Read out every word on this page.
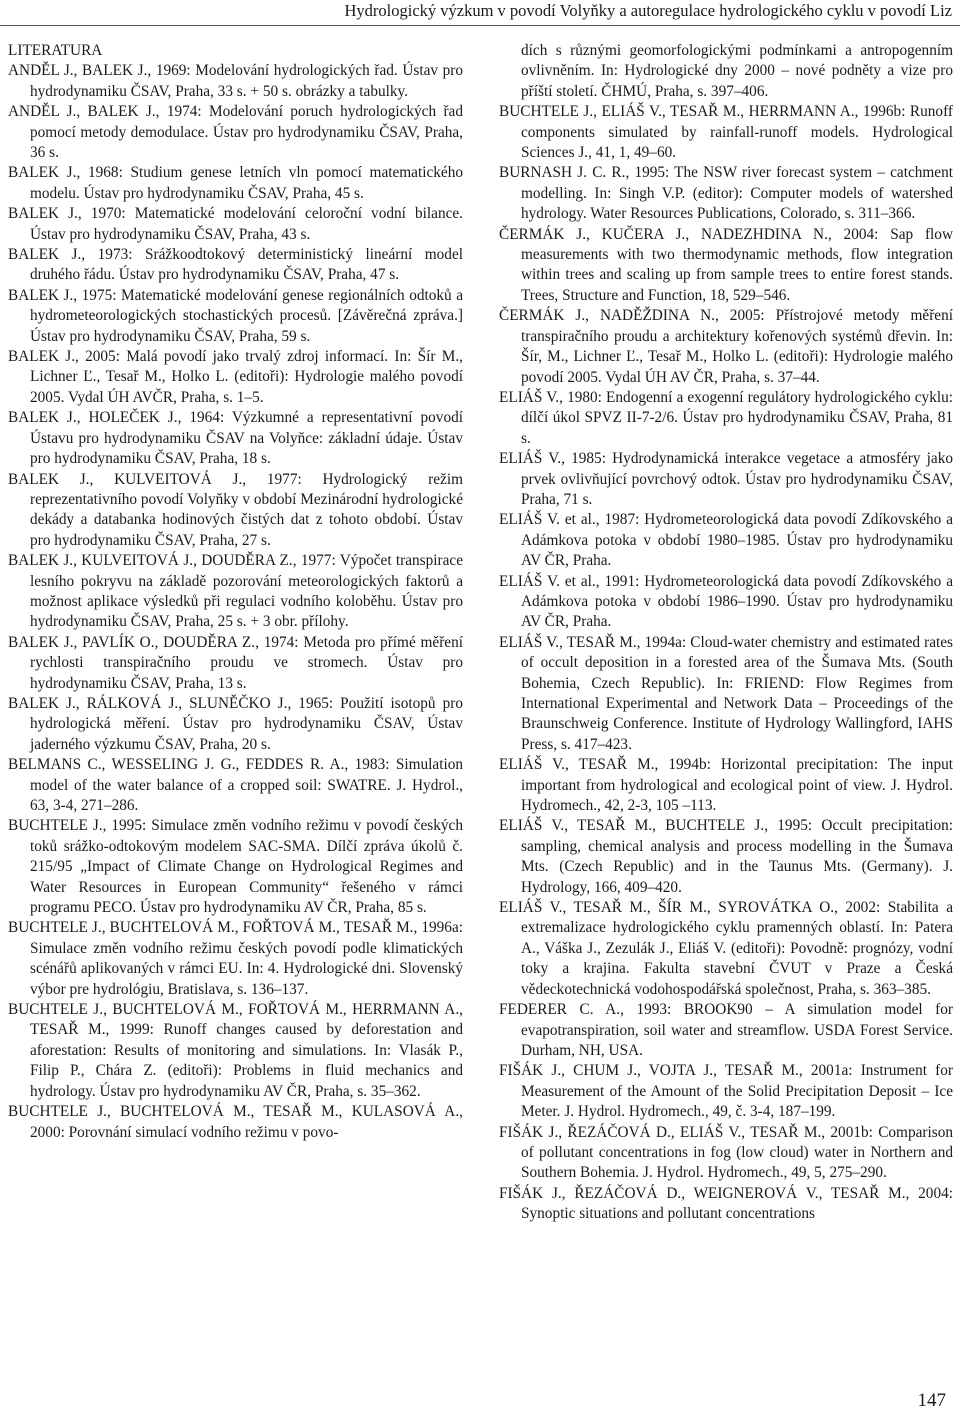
Hydrologický výzkum v povodí Volyňky a autoregulace hydrologického cyklu v povodí Liz

LITERATURA

ANDĚL J., BALEK J., 1969: Modelování hydrologických řad. Ústav pro hydrodynamiku ČSAV, Praha, 33 s. + 50 s. obrázky a tabulky.

ANDĚL J., BALEK J., 1974: Modelování poruch hydrologických řad pomocí metody demodulace. Ústav pro hydrodynamiku ČSAV, Praha, 36 s.

BALEK J., 1968: Studium genese letních vln pomocí matematického modelu. Ústav pro hydrodynamiku ČSAV, Praha, 45 s.

BALEK J., 1970: Matematické modelování celoroční vodní bilance. Ústav pro hydrodynamiku ČSAV, Praha, 43 s.

BALEK J., 1973: Srážkoodtokový deterministický lineární model druhého řádu. Ústav pro hydrodynamiku ČSAV, Praha, 47 s.

BALEK J., 1975: Matematické modelování genese regionálních odtoků a hydrometeorologických stochastických procesů. [Závěrečná zpráva.] Ústav pro hydrodynamiku ČSAV, Praha, 59 s.

BALEK J., 2005: Malá povodí jako trvalý zdroj informací. In: Šír M., Lichner Ľ., Tesař M., Holko L. (editoři): Hydrologie malého povodí 2005. Vydal ÚH AVČR, Praha, s. 1–5.

BALEK J., HOLEČEK J., 1964: Výzkumné a representativní povodí Ústavu pro hydrodynamiku ČSAV na Volyňce: základní údaje. Ústav pro hydrodynamiku ČSAV, Praha, 18 s.

BALEK J., KULVEITOVÁ J., 1977: Hydrologický režim reprezentativního povodí Volyňky v období Mezinárodní hydrologické dekády a databanka hodinových čistých dat z tohoto období. Ústav pro hydrodynamiku ČSAV, Praha, 27 s.

BALEK J., KULVEITOVÁ J., DOUDĚRA Z., 1977: Výpočet transpirace lesního pokryvu na základě pozorování meteorologických faktorů a možnost aplikace výsledků při regulaci vodního koloběhu. Ústav pro hydrodynamiku ČSAV, Praha, 25 s. + 3 obr. přílohy.

BALEK J., PAVLÍK O., DOUDĚRA Z., 1974: Metoda pro přímé měření rychlosti transpiračního proudu ve stromech. Ústav pro hydrodynamiku ČSAV, Praha, 13 s.

BALEK J., RÁLKOVÁ J., SLUNĚČKO J., 1965: Použití isotopů pro hydrologická měření. Ústav pro hydrodynamiku ČSAV, Ústav jaderného výzkumu ČSAV, Praha, 20 s.

BELMANS C., WESSELING J. G., FEDDES R. A., 1983: Simulation model of the water balance of a cropped soil: SWATRE. J. Hydrol., 63, 3-4, 271–286.

BUCHTELE J., 1995: Simulace změn vodního režimu v povodí českých toků srážko-odtokovým modelem SAC-SMA. Dílčí zpráva úkolů č. 215/95 „Impact of Climate Change on Hydrological Regimes and Water Resources in European Community“ řešeného v rámci programu PECO. Ústav pro hydrodynamiku AV ČR, Praha, 85 s.

BUCHTELE J., BUCHTELOVÁ M., FOŘTOVÁ M., TESAŘ M., 1996a: Simulace změn vodního režimu českých povodí podle klimatických scénářů aplikovaných v rámci EU. In: 4. Hydrologické dni. Slovenský výbor pre hydrológiu, Bratislava, s. 136–137.

BUCHTELE J., BUCHTELOVÁ M., FOŘTOVÁ M., HERRMANN A., TESAŘ M., 1999: Runoff changes caused by deforestation and aforestation: Results of monitoring and simulations. In: Vlasák P., Filip P., Chára Z. (editoři): Problems in fluid mechanics and hydrology. Ústav pro hydrodynamiku AV ČR, Praha, s. 35–362.

BUCHTELE J., BUCHTELOVÁ M., TESAŘ M., KULASOVÁ A., 2000: Porovnání simulací vodního režimu v povo-

dích s různými geomorfologickými podmínkami a antropogenním ovlivněním. In: Hydrologické dny 2000 – nové podněty a vize pro příští století. ČHMÚ, Praha, s. 397–406.

BUCHTELE J., ELIÁŠ V., TESAŘ M., HERRMANN A., 1996b: Runoff components simulated by rainfall-runoff models. Hydrological Sciences J., 41, 1, 49–60.

BURNASH J. C. R., 1995: The NSW river forecast system – catchment modelling. In: Singh V.P. (editor): Computer models of watershed hydrology. Water Resources Publications, Colorado, s. 311–366.

ČERMÁK J., KUČERA J., NADEZHDINA N., 2004: Sap flow measurements with two thermodynamic methods, flow integration within trees and scaling up from sample trees to entire forest stands. Trees, Structure and Function, 18, 529–546.

ČERMÁK J., NADĚŽDINA N., 2005: Přístrojové metody měření transpiračního proudu a architektury kořenových systémů dřevin. In: Šír, M., Lichner Ľ., Tesař M., Holko L. (editoři): Hydrologie malého povodí 2005. Vydal ÚH AV ČR, Praha, s. 37–44.

ELIÁŠ V., 1980: Endogenní a exogenní regulátory hydrologického cyklu: dílčí úkol SPVZ II-7-2/6. Ústav pro hydrodynamiku ČSAV, Praha, 81 s.

ELIÁŠ V., 1985: Hydrodynamická interakce vegetace a atmosféry jako prvek ovlivňující povrchový odtok. Ústav pro hydrodynamiku ČSAV, Praha, 71 s.

ELIÁŠ V. et al., 1987: Hydrometeorologická data povodí Zdíkovského a Adámkova potoka v období 1980–1985. Ústav pro hydrodynamiku AV ČR, Praha.

ELIÁŠ V. et al., 1991: Hydrometeorologická data povodí Zdíkovského a Adámkova potoka v období 1986–1990. Ústav pro hydrodynamiku AV ČR, Praha.

ELIÁŠ V., TESAŘ M., 1994a: Cloud-water chemistry and estimated rates of occult deposition in a forested area of the Šumava Mts. (South Bohemia, Czech Republic). In: FRIEND: Flow Regimes from International Experimental and Network Data – Proceedings of the Braunschweig Conference. Institute of Hydrology Wallingford, IAHS Press, s. 417–423.

ELIÁŠ V., TESAŘ M., 1994b: Horizontal precipitation: The input important from hydrological and ecological point of view. J. Hydrol. Hydromech., 42, 2-3, 105 –113.

ELIÁŠ V., TESAŘ M., BUCHTELE J., 1995: Occult precipitation: sampling, chemical analysis and process modelling in the Šumava Mts. (Czech Republic) and in the Taunus Mts. (Germany). J. Hydrology, 166, 409–420.

ELIÁŠ V., TESAŘ M., ŠÍR M., SYROVÁTKA O., 2002: Stabilita a extremalizace hydrologického cyklu pramenných oblastí. In: Patera A., Váška J., Zezulák J., Eliáš V. (editoři): Povodně: prognózy, vodní toky a krajina. Fakulta stavební ČVUT v Praze a Česká vědeckotechnická vodohospodářská společnost, Praha, s. 363–385.

FEDERER C. A., 1993: BROOK90 – A simulation model for evapotranspiration, soil water and streamflow. USDA Forest Service. Durham, NH, USA.

FIŠÁK J., CHUM J., VOJTA J., TESAŘ M., 2001a: Instrument for Measurement of the Amount of the Solid Precipitation Deposit – Ice Meter. J. Hydrol. Hydromech., 49, č. 3-4, 187–199.

FIŠÁK J., ŘEZÁČOVÁ D., ELIÁŠ V., TESAŘ M., 2001b: Comparison of pollutant concentrations in fog (low cloud) water in Northern and Southern Bohemia. J. Hydrol. Hydromech., 49, 5, 275–290.

FIŠÁK J., ŘEZÁČOVÁ D., WEIGNEROVÁ V., TESAŘ M., 2004: Synoptic situations and pollutant concentrations

147
